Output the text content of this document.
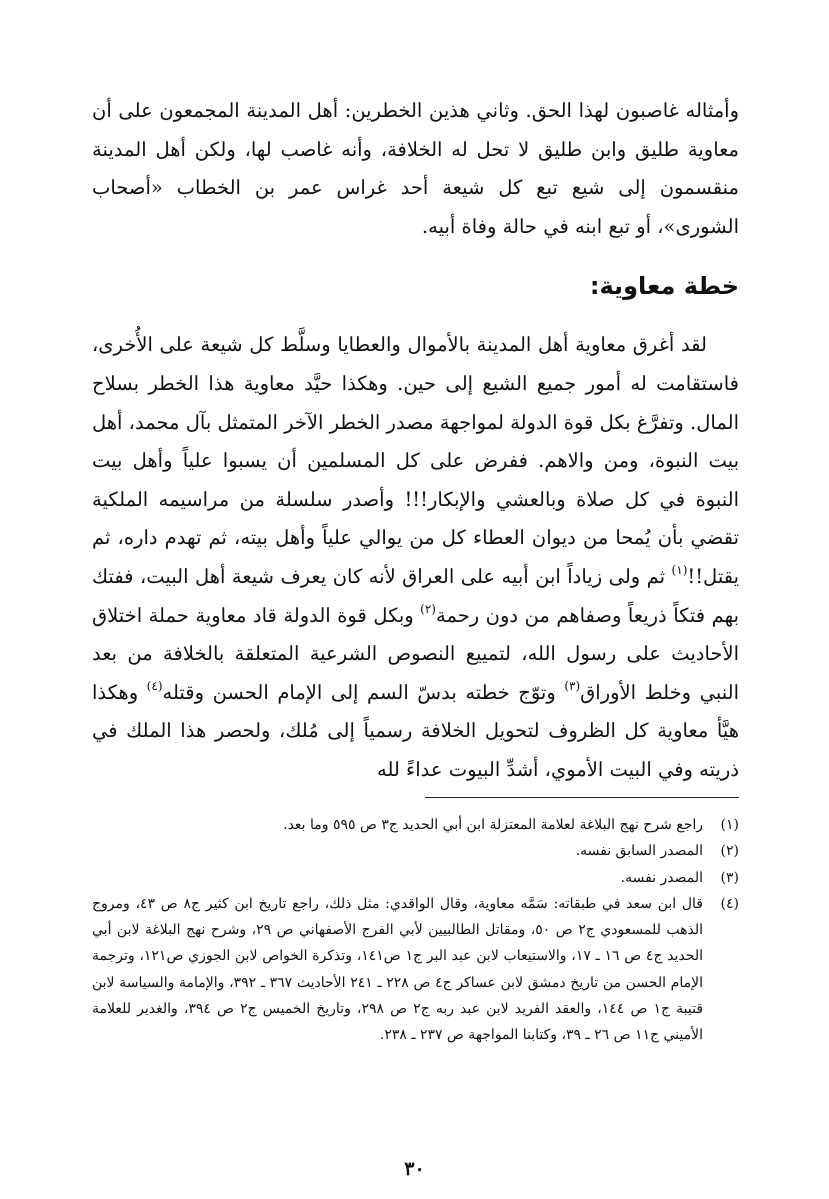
وأمثاله غاصبون لهذا الحق. وثاني هذين الخطرين: أهل المدينة المجمعون على أن معاوية طليق وابن طليق لا تحل له الخلافة، وأنه غاصب لها، ولكن أهل المدينة منقسمون إلى شيع تبع كل شيعة أحد غراس عمر بن الخطاب «أصحاب الشورى»، أو تبع ابنه في حالة وفاة أبيه.

خطة معاوية:

لقد أغرق معاوية أهل المدينة بالأموال والعطايا وسلَّط كل شيعة على الأُخرى، فاستقامت له أمور جميع الشيع إلى حين. وهكذا حيَّد معاوية هذا الخطر بسلاح المال. وتفرَّغ بكل قوة الدولة لمواجهة مصدر الخطر الآخر المتمثل بآل محمد، أهل بيت النبوة، ومن والاهم. ففرض على كل المسلمين أن يسبوا علياً وأهل بيت النبوة في كل صلاة وبالعشي والإبكار!!! وأصدر سلسلة من مراسيمه الملكية تقضي بأن يُمحا من ديوان العطاء كل من يوالي علياً وأهل بيته، ثم تهدم داره، ثم يقتل!!$^{(١)}$ ثم ولى زياداً ابن أبيه على العراق لأنه كان يعرف شيعة أهل البيت، ففتك بهم فتكاً ذريعاً وصفاهم من دون رحمة$^{(٢)}$ وبكل قوة الدولة قاد معاوية حملة اختلاق الأحاديث على رسول الله، لتمييع النصوص الشرعية المتعلقة بالخلافة من بعد النبي وخلط الأوراق$^{(٣)}$ وتوّج خطته بدسّ السم إلى الإمام الحسن وقتله$^{(٤)}$ وهكذا هيَّأ معاوية كل الظروف لتحويل الخلافة رسمياً إلى مُلك، ولحصر هذا الملك في ذريته وفي البيت الأموي، أشدِّ البيوت عداءً لله

(١)
راجع شرح نهج البلاغة لعلامة المعتزلة ابن أبي الحديد ج٣ ص ٥٩٥ وما بعد.
(٢)
المصدر السابق نفسه.
(٣)
المصدر نفسه.
(٤)
قال ابن سعد في طبقاته: سَمَّه معاوية، وقال الواقدي: مثل ذلك، راجع تاريخ ابن كثير ج٨ ص ٤٣، ومروج الذهب للمسعودي ج٢ ص ٥٠، ومقاتل الطالبيين لأبي الفرج الأصفهاني ص ٢٩، وشرح نهج البلاغة لابن أبي الحديد ج٤ ص ١٦ ـ ١٧، والاستيعاب لابن عبد البر ج١ ص١٤١، وتذكرة الخواص لابن الجوزي ص١٢١، وترجمة الإمام الحسن من تاريخ دمشق لابن عساكر ج٤ ص ٢٢٨ ـ ٢٤١ الأحاديث ٣٦٧ ـ ٣٩٢، والإمامة والسياسة لابن قتيبة ج١ ص ١٤٤، والعقد الفريد لابن عبد ربه ج٢ ص ٢٩٨، وتاريخ الخميس ج٢ ص ٣٩٤، والغدير للعلامة الأميني ج١١ ص ٢٦ ـ ٣٩، وكتابنا المواجهة ص ٢٣٧ ـ ٢٣٨.
٣٠
